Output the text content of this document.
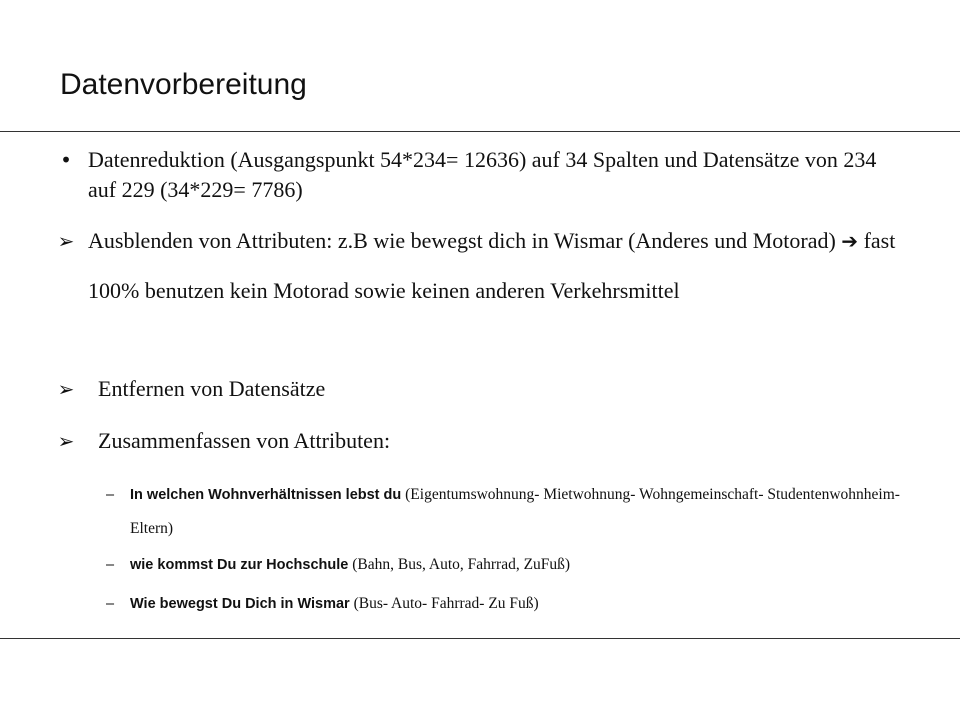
Datenvorbereitung
• Datenreduktion (Ausgangspunkt 54*234= 12636) auf 34 Spalten und Datensätze von 234 auf 229 (34*229= 7786)
➢ Ausblenden von Attributen: z.B wie bewegst dich in Wismar (Anderes und Motorad) ➔ fast 100% benutzen kein Motorad sowie keinen anderen Verkehrsmittel
➢ Entfernen von Datensätze
➢ Zusammenfassen von Attributen:
– In welchen Wohnverhältnissen lebst du (Eigentumswohnung- Mietwohnung- Wohngemeinschaft- Studentenwohnheim- Eltern)
– wie kommst Du zur Hochschule (Bahn, Bus, Auto, Fahrrad, ZuFuß)
– Wie bewegst Du Dich in Wismar (Bus- Auto- Fahrrad- Zu Fuß)
